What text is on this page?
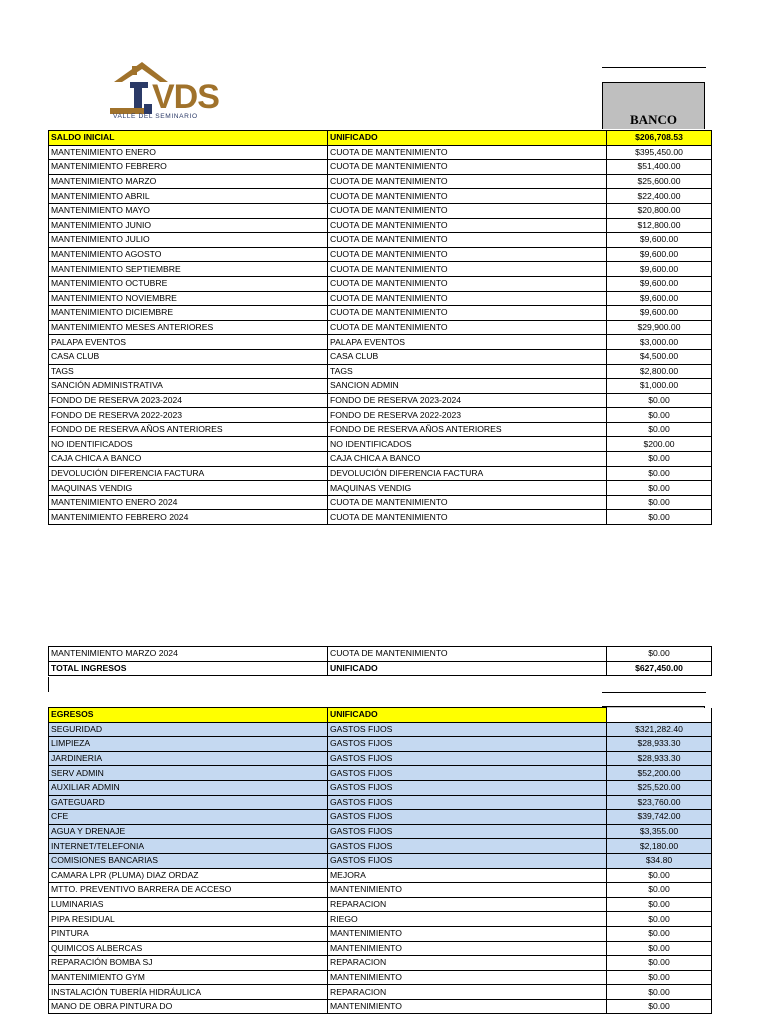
VDS
VALLE DEL SEMINARIO	BANCO
SALDO INICIAL	UNIFICADO	$206,708.53
MANTENIMIENTO ENERO	CUOTA DE MANTENIMIENTO	$395,450.00
MANTENIMIENTO FEBRERO	CUOTA DE MANTENIMIENTO	$51,400.00
MANTENIMIENTO MARZO	CUOTA DE MANTENIMIENTO	$25,600.00
MANTENIMIENTO ABRIL	CUOTA DE MANTENIMIENTO	$22,400.00
MANTENIMIENTO MAYO	CUOTA DE MANTENIMIENTO	$20,800.00
MANTENIMIENTO JUNIO	CUOTA DE MANTENIMIENTO	$12,800.00
MANTENIMIENTO JULIO	CUOTA DE MANTENIMIENTO	$9,600.00
MANTENIMIENTO AGOSTO	CUOTA DE MANTENIMIENTO	$9,600.00
MANTENIMIENTO SEPTIEMBRE	CUOTA DE MANTENIMIENTO	$9,600.00
MANTENIMIENTO OCTUBRE	CUOTA DE MANTENIMIENTO	$9,600.00
MANTENIMIENTO NOVIEMBRE	CUOTA DE MANTENIMIENTO	$9,600.00
MANTENIMIENTO DICIEMBRE	CUOTA DE MANTENIMIENTO	$9,600.00
MANTENIMIENTO MESES ANTERIORES	CUOTA DE MANTENIMIENTO	$29,900.00
PALAPA EVENTOS	PALAPA EVENTOS	$3,000.00
CASA CLUB	CASA CLUB	$4,500.00
TAGS	TAGS	$2,800.00
SANCIÓN ADMINISTRATIVA	SANCION ADMIN	$1,000.00
FONDO DE RESERVA 2023-2024	FONDO DE RESERVA 2023-2024	$0.00
FONDO DE RESERVA 2022-2023	FONDO DE RESERVA 2022-2023	$0.00
FONDO DE RESERVA AÑOS ANTERIORES	FONDO DE RESERVA AÑOS ANTERIORES	$0.00
NO IDENTIFICADOS	NO IDENTIFICADOS	$200.00
CAJA CHICA A BANCO	CAJA CHICA A BANCO	$0.00
DEVOLUCIÓN DIFERENCIA FACTURA	DEVOLUCIÓN DIFERENCIA FACTURA	$0.00
MAQUINAS VENDIG	MAQUINAS VENDIG	$0.00
MANTENIMIENTO ENERO 2024	CUOTA DE MANTENIMIENTO	$0.00
MANTENIMIENTO FEBRERO 2024	CUOTA DE MANTENIMIENTO	$0.00
MANTENIMIENTO MARZO 2024	CUOTA DE MANTENIMIENTO	$0.00
TOTAL INGRESOS	UNIFICADO	$627,450.00
EGRESOS	UNIFICADO	
SEGURIDAD	GASTOS FIJOS	$321,282.40
LIMPIEZA	GASTOS FIJOS	$28,933.30
JARDINERIA	GASTOS FIJOS	$28,933.30
SERV ADMIN	GASTOS FIJOS	$52,200.00
AUXILIAR ADMIN	GASTOS FIJOS	$25,520.00
GATEGUARD	GASTOS FIJOS	$23,760.00
CFE	GASTOS FIJOS	$39,742.00
AGUA Y DRENAJE	GASTOS FIJOS	$3,355.00
INTERNET/TELEFONIA	GASTOS FIJOS	$2,180.00
COMISIONES BANCARIAS	GASTOS FIJOS	$34.80
CAMARA LPR (PLUMA) DIAZ ORDAZ	MEJORA	$0.00
MTTO. PREVENTIVO BARRERA DE ACCESO	MANTENIMIENTO	$0.00
LUMINARIAS	REPARACION	$0.00
PIPA RESIDUAL	RIEGO	$0.00
PINTURA	MANTENIMIENTO	$0.00
QUIMICOS ALBERCAS	MANTENIMIENTO	$0.00
REPARACIÓN BOMBA SJ	REPARACION	$0.00
MANTENIMIENTO GYM	MANTENIMIENTO	$0.00
INSTALACIÓN TUBERÍA HIDRÁULICA	REPARACION	$0.00
MANO DE OBRA PINTURA DO	MANTENIMIENTO	$0.00
